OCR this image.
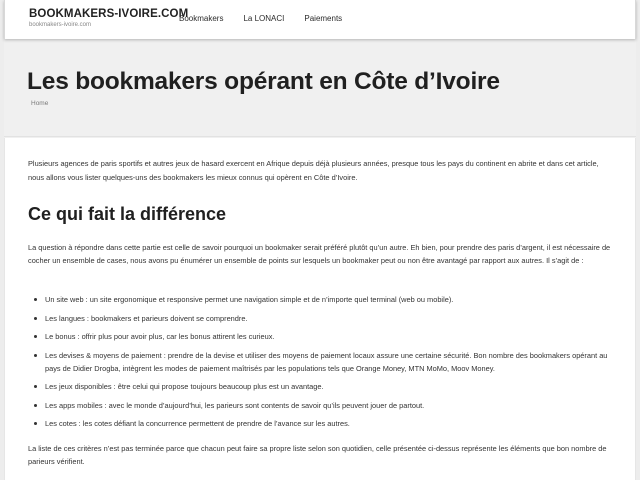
BOOKMAKERS-IVOIRE.COM
bookmakers-ivoire.com
Bookmakers	La LONACI	Paiements
Les bookmakers opérant en Côte d’Ivoire
Home

Plusieurs agences de paris sportifs et autres jeux de hasard exercent en Afrique depuis déjà plusieurs années, presque tous les pays du continent en abrite et dans cet article, nous allons vous lister quelques-uns des bookmakers les mieux connus qui opèrent en Côte d’Ivoire.

Ce qui fait la différence

La question à répondre dans cette partie est celle de savoir pourquoi un bookmaker serait préféré plutôt qu’un autre. Eh bien, pour prendre des paris d’argent, il est nécessaire de cocher un ensemble de cases, nous avons pu énumérer un ensemble de points sur lesquels un bookmaker peut ou non être avantagé par rapport aux autres. Il s’agit de :

Un site web : un site ergonomique et responsive permet une navigation simple et de n’importe quel terminal (web ou mobile).
Les langues : bookmakers et parieurs doivent se comprendre.
Le bonus : offrir plus pour avoir plus, car les bonus attirent les curieux.
Les devises & moyens de paiement : prendre de la devise et utiliser des moyens de paiement locaux assure une certaine sécurité. Bon nombre des bookmakers opérant au pays de Didier Drogba, intègrent les modes de paiement maîtrisés par les populations tels que Orange Money, MTN MoMo, Moov Money.
Les jeux disponibles : être celui qui propose toujours beaucoup plus est un avantage.
Les apps mobiles : avec le monde d’aujourd’hui, les parieurs sont contents de savoir qu’ils peuvent jouer de partout.
Les cotes : les cotes défiant la concurrence permettent de prendre de l’avance sur les autres.

La liste de ces critères n’est pas terminée parce que chacun peut faire sa propre liste selon son quotidien, celle présentée ci-dessus représente les éléments que bon nombre de parieurs vérifient.
